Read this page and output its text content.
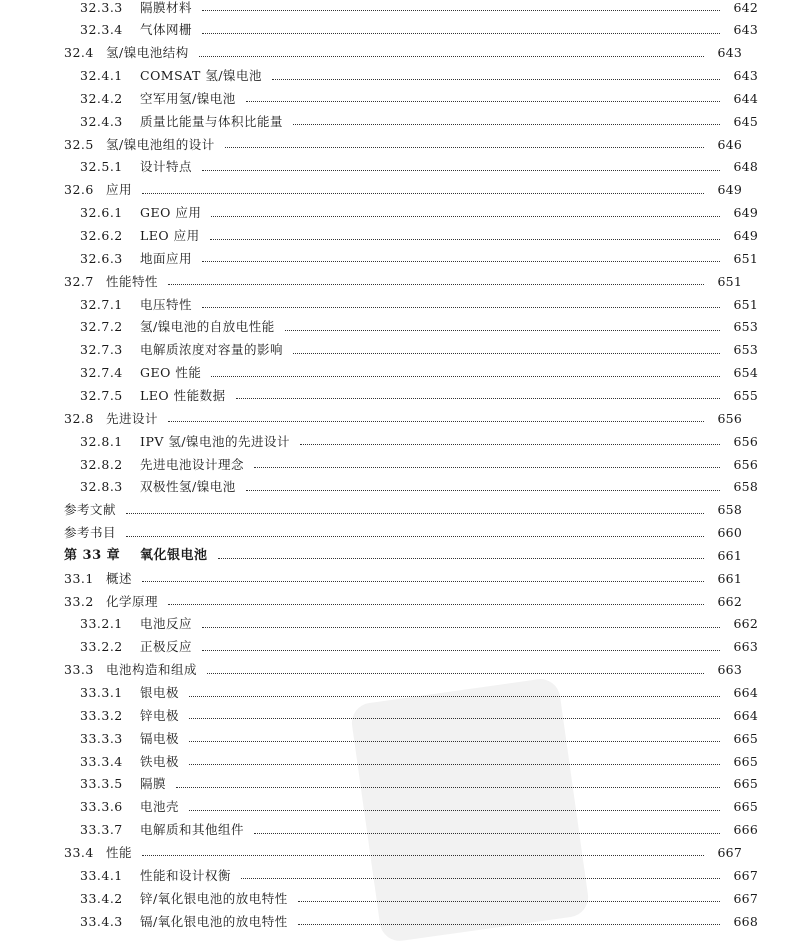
32.3.3	隔膜材料	642
32.3.4	气体网栅	643
32.4 氢/镍电池结构	643
32.4.1	COMSAT 氢/镍电池	643
32.4.2	空军用氢/镍电池	644
32.4.3	质量比能量与体积比能量	645
32.5 氢/镍电池组的设计	646
32.5.1	设计特点	648
32.6 应用	649
32.6.1	GEO 应用	649
32.6.2	LEO 应用	649
32.6.3	地面应用	651
32.7 性能特性	651
32.7.1	电压特性	651
32.7.2	氢/镍电池的自放电性能	653
32.7.3	电解质浓度对容量的影响	653
32.7.4	GEO 性能	654
32.7.5	LEO 性能数据	655
32.8 先进设计	656
32.8.1	IPV 氢/镍电池的先进设计	656
32.8.2	先进电池设计理念	656
32.8.3	双极性氢/镍电池	658
参考文献	658
参考书目	660
第 33 章	氧化银电池	661
33.1 概述	661
33.2 化学原理	662
33.2.1	电池反应	662
33.2.2	正极反应	663
33.3 电池构造和组成	663
33.3.1	银电极	664
33.3.2	锌电极	664
33.3.3	镉电极	665
33.3.4	铁电极	665
33.3.5	隔膜	665
33.3.6	电池壳	665
33.3.7	电解质和其他组件	666
33.4 性能	667
33.4.1	性能和设计权衡	667
33.4.2	锌/氧化银电池的放电特性	667
33.4.3	镉/氧化银电池的放电特性	668
